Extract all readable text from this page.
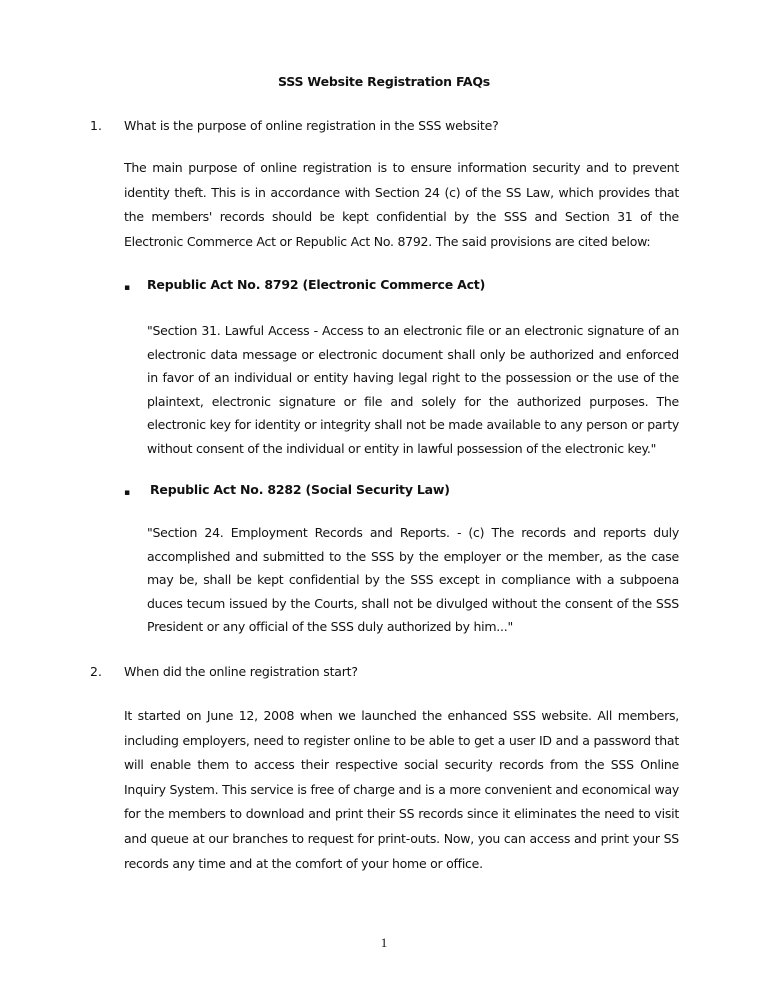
SSS Website Registration FAQs
1. What is the purpose of online registration in the SSS website?

The main purpose of online registration is to ensure information security and to prevent identity theft. This is in accordance with Section 24 (c) of the SS Law, which provides that the members' records should be kept confidential by the SSS and Section 31 of the Electronic Commerce Act or Republic Act No. 8792. The said provisions are cited below:

▪ Republic Act No. 8792 (Electronic Commerce Act)

"Section 31. Lawful Access - Access to an electronic file or an electronic signature of an electronic data message or electronic document shall only be authorized and enforced in favor of an individual or entity having legal right to the possession or the use of the plaintext, electronic signature or file and solely for the authorized purposes. The electronic key for identity or integrity shall not be made available to any person or party without consent of the individual or entity in lawful possession of the electronic key."

▪ Republic Act No. 8282 (Social Security Law)

"Section 24. Employment Records and Reports. - (c) The records and reports duly accomplished and submitted to the SSS by the employer or the member, as the case may be, shall be kept confidential by the SSS except in compliance with a subpoena duces tecum issued by the Courts, shall not be divulged without the consent of the SSS President or any official of the SSS duly authorized by him..."

2. When did the online registration start?

It started on June 12, 2008 when we launched the enhanced SSS website. All members, including employers, need to register online to be able to get a user ID and a password that will enable them to access their respective social security records from the SSS Online Inquiry System. This service is free of charge and is a more convenient and economical way for the members to download and print their SS records since it eliminates the need to visit and queue at our branches to request for print-outs. Now, you can access and print your SS records any time and at the comfort of your home or office.

1
